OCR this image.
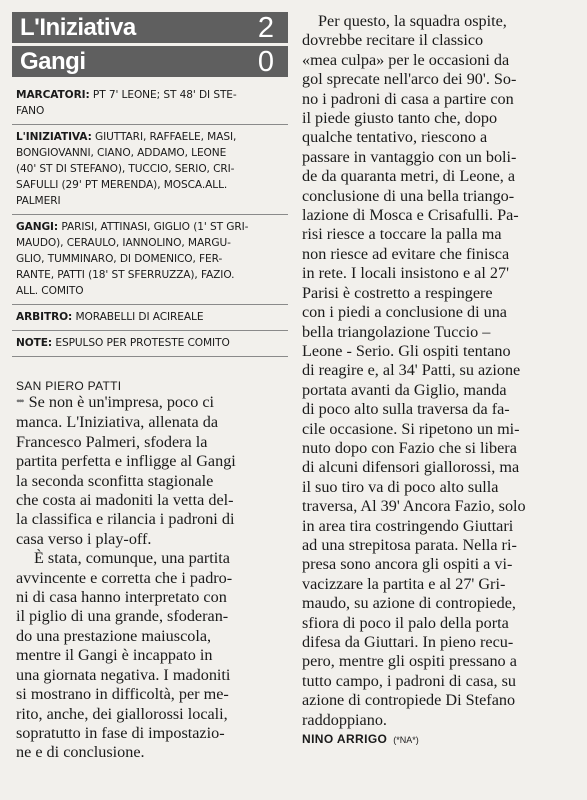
L'Iniziativa	2
Gangi	0
MARCATORI: PT 7' LEONE; ST 48' DI STE-
FANO
L'INIZIATIVA: GIUTTARI, RAFFAELE, MASI,
BONGIOVANNI, CIANO, ADDAMO, LEONE
(40' ST DI STEFANO), TUCCIO, SERIO, CRI-
SAFULLI (29' PT MERENDA), MOSCA.ALL.
PALMERI
GANGI: PARISI, ATTINASI, GIGLIO (1' ST GRI-
MAUDO), CERAULO, IANNOLINO, MARGU-
GLIO, TUMMINARO, DI DOMENICO, FER-
RANTE, PATTI (18' ST SFERRUZZA), FAZIO.
ALL. COMITO
ARBITRO: MORABELLI DI ACIREALE
NOTE: ESPULSO PER PROTESTE COMITO
SAN PIERO PATTI
••• Se non è un'impresa, poco ci
manca. L'Iniziativa, allenata da
Francesco Palmeri, sfodera la
partita perfetta e infligge al Gangi
la seconda sconfitta stagionale
che costa ai madoniti la vetta del-
la classifica e rilancia i padroni di
casa verso i play-off.
È stata, comunque, una partita
avvincente e corretta che i padro-
ni di casa hanno interpretato con
il piglio di una grande, sfoderan-
do una prestazione maiuscola,
mentre il Gangi è incappato in
una giornata negativa. I madoniti
si mostrano in difficoltà, per me-
rito, anche, dei giallorossi locali,
sopratutto in fase di impostazio-
ne e di conclusione.
Per questo, la squadra ospite,
dovrebbe recitare il classico
«mea culpa» per le occasioni da
gol sprecate nell'arco dei 90'. So-
no i padroni di casa a partire con
il piede giusto tanto che, dopo
qualche tentativo, riescono a
passare in vantaggio con un boli-
de da quaranta metri, di Leone, a
conclusione di una bella triango-
lazione di Mosca e Crisafulli. Pa-
risi riesce a toccare la palla ma
non riesce ad evitare che finisca
in rete. I locali insistono e al 27'
Parisi è costretto a respingere
con i piedi a conclusione di una
bella triangolazione Tuccio –
Leone - Serio. Gli ospiti tentano
di reagire e, al 34' Patti, su azione
portata avanti da Giglio, manda
di poco alto sulla traversa da fa-
cile occasione. Si ripetono un mi-
nuto dopo con Fazio che si libera
di alcuni difensori giallorossi, ma
il suo tiro va di poco alto sulla
traversa, Al 39' Ancora Fazio, solo
in area tira costringendo Giuttari
ad una strepitosa parata. Nella ri-
presa sono ancora gli ospiti a vi-
vacizzare la partita e al 27' Gri-
maudo, su azione di contropiede,
sfiora di poco il palo della porta
difesa da Giuttari. In pieno recu-
pero, mentre gli ospiti pressano a
tutto campo, i padroni di casa, su
azione di contropiede Di Stefano
raddoppiano.
NINO ARRIGO (*NA*)
